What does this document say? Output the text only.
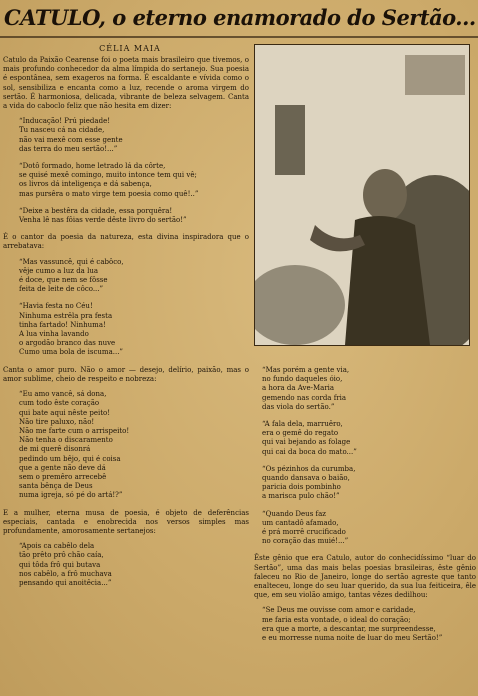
CATULO, o eterno enamorado do Sertão...
CÉLIA MAIA

Catulo da Paixão Cearense foi o poeta mais brasileiro que tivemos, o mais profundo conhecedor da alma límpida do sertanejo. Sua poesia é espontânea, sem exageros na forma. É escaldante e vívida como o sol, sensibiliza e encanta como a luz, recende o aroma virgem do sertão. É harmoniosa, delicada, vibrante de beleza selvagem. Canta a vida do caboclo feliz que não hesita em dizer:

“Inducação! Prú piedade!
Tu nasceu cá na cidade,
não vai mexê com esse gente
das terra do meu sertão!...”
“Dotô formado, home letrado lá da côrte,
se quisé mexê comingo, muito intonce tem qui vê;
os livros dá inteligença e dá sabença,
mas pursêra o mato virge tem poesia como quê!..”
“Deixe a bestêra da cidade, essa porquêra!
Venha lê nas fôias verde dêste livro do sertão!”

É o cantor da poesia da natureza, esta divina inspiradora que o arrebatava:

“Mas vassuncê, qui é cabôco,
vêje cumo a luz da lua
é doce, que nem se fôsse
feita de leite de côco...”
“Havia festa no Céu!
Ninhuma estrêla pra festa
tinha fartado! Ninhuma!
A lua vinha lavando
o argodão branco das nuve
Cumo uma bola de iscuma...”

Canta o amor puro. Não o amor — desejo, delírio, paixão, mas o amor sublime, cheio de respeito e nobreza:

“Eu amo vancê, sá dona,
cum todo êste coração
qui bate aqui nêste peito!
Não tire paluxo, não!
Não me farte cum o arrispeito!
Não tenha o discaramento
de mi querê disonrá
pedindo um bêjo, qui é coisa
que a gente não deve dá
sem o premêro arrecebê
santa bênça de Deus
numa igreja, só pé do artá!?”

E a mulher, eterna musa de poesia, é objeto de deferências especiais, cantada e enobrecida nos versos simples mas profundamente, amorosamente sertanejos:

“Apois ca cabêlo dela
tão prêto prô chão caía,
qui tôda frô qui butava
nos cabêlo, a frô muchava
pensando qui anoitêcia...”
“Mas porém a gente via,
no fundo daqueles óio,
a hora da Ave-Maria
gemendo nas corda fria
das viola do sertão.”
“A fala dela, marruêro,
era o gemê do regato
qui vai bejando as folage
qui cai da boca do mato...”
“Os pézinhos da curumba,
quando dansava o baião,
paricia dois pombinho
a marisca pulo chão!”
“Quando Deus faz
um cantadô afamado,
é prá morrê crucificado
no coração das muié!...”

Êste gênio que era Catulo, autor do conhecidíssimo “luar do Sertão”, uma das mais belas poesias brasileiras, êste gênio faleceu no Rio de Janeiro, longe do sertão agreste que tanto enalteceu, longe do seu luar querido, da sua lua feiticeira, êle que, em seu violão amigo, tantas vêzes dedilhou:

“Se Deus me ouvisse com amor e caridade,
me faria esta vontade, o ideal do coração;
era que a morte, a descantar, me surpreendesse,
e eu morresse numa noite de luar do meu Sertão!”
